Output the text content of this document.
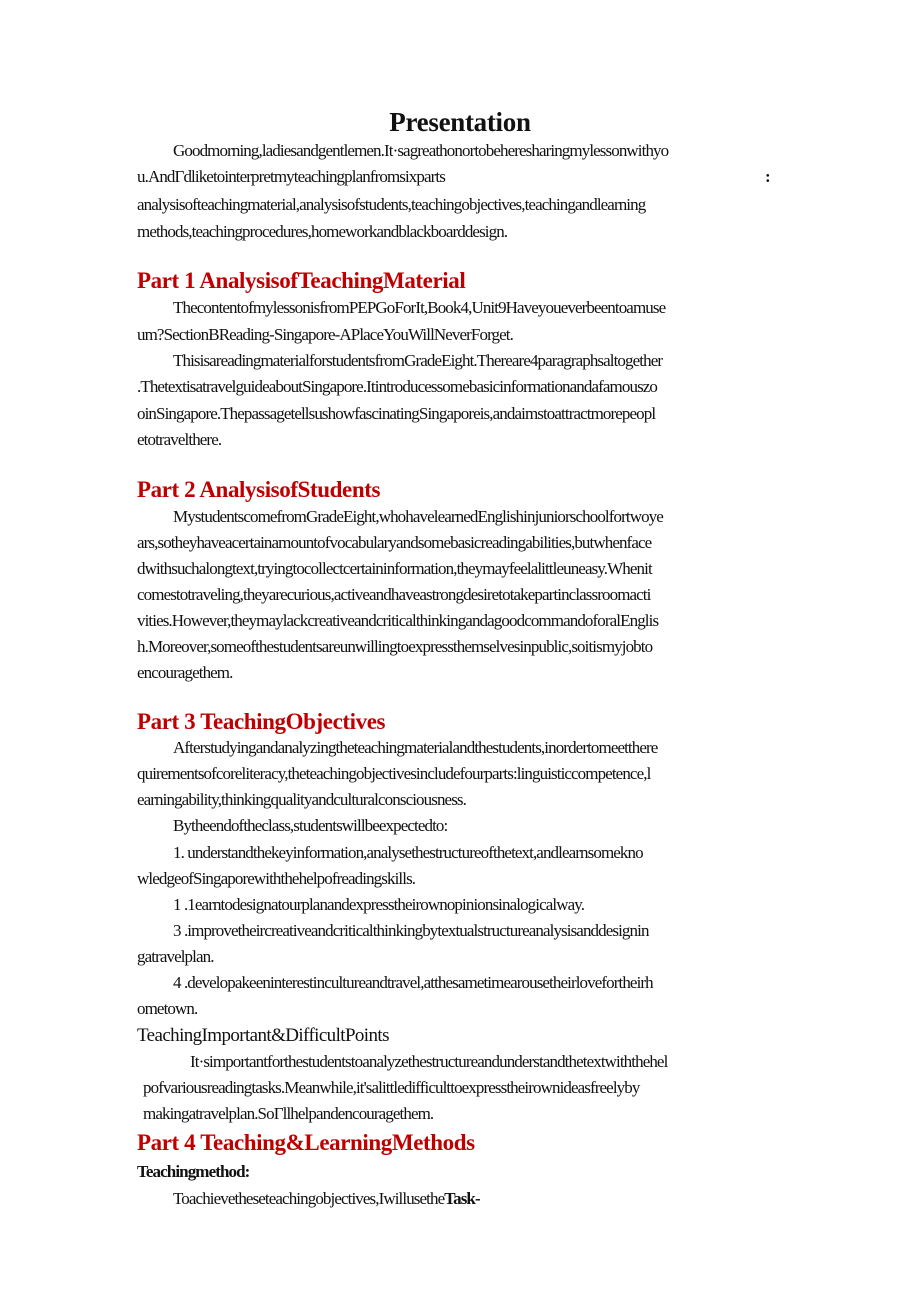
Presentation
Goodmorning,ladiesandgentlemen.It·sagreathonortobeheresharingmylessonwithyo
u.AndΓdliketointerpretmyteachingplanfromsixparts	:
analysisofteachingmaterial,analysisofstudents,teachingobjectives,teachingandlearning
methods,teachingprocedures,homeworkandblackboarddesign.
Part 1 AnalysisofTeachingMaterial
ThecontentofmylessonisfromPEPGoForIt,Book4,Unit9Haveyoueverbeentoamuse
um?SectionBReading-Singapore-APlaceYouWillNeverForget.
ThisisareadingmaterialforstudentsfromGradeEight.Thereare4paragraphsaltogether
.ThetextisatravelguideaboutSingapore.Itintroducessomebasicinformationandafamouszo
oinSingapore.ThepassagetellsushowfascinatingSingaporeis,andaimstoattractmorepeopl
etotravelthere.
Part 2 AnalysisofStudents
MystudentscomefromGradeEight,whohavelearnedEnglishinjuniorschoolfortwoye
ars,sotheyhaveacertainamountofvocabularyandsomebasicreadingabilities,butwhenface
dwithsuchalongtext,tryingtocollectcertaininformation,theymayfeelalittleuneasy.Whenit
comestotraveling,theyarecurious,activeandhaveastrongdesiretotakepartinclassroomacti
vities.However,theymaylackcreativeandcriticalthinkingandagoodcommandoforalEnglis
h.Moreover,someofthestudentsareunwillingtoexpressthemselvesinpublic,soitismyjobto
encouragethem.
Part 3 TeachingObjectives
Afterstudyingandanalyzingtheteachingmaterialandthestudents,inordertomeetthere
quirementsofcoreliteracy,theteachingobjectivesincludefourparts:linguisticcompetence,l
earningability,thinkingqualityandculturalconsciousness.
Bytheendoftheclass,studentswillbeexpectedto:
1. understandthekeyinformation,analysethestructureofthetext,andlearnsomekno
wledgeofSingaporewiththehelpofreadingskills.
1 .1earntodesignatourplanandexpresstheirownopinionsinalogicalway.
3 .improvetheircreativeandcriticalthinkingbytextualstructureanalysisanddesignin
gatravelplan.
4 .developakeeninterestincultureandtravel,atthesametimearousetheirlovefortheirh
ometown.
TeachingImportant&DifficultPoints
It·simportantforthestudentstoanalyzethestructureandunderstandthetextwiththehel
pofvariousreadingtasks.Meanwhile,it'salittledifficulttoexpresstheirownideasfreelyby
makingatravelplan.SoΓllhelpandencouragethem.
Part 4 Teaching&LearningMethods
Teachingmethod:
Toachievetheseteachingobjectives,IwillusetheTask-
